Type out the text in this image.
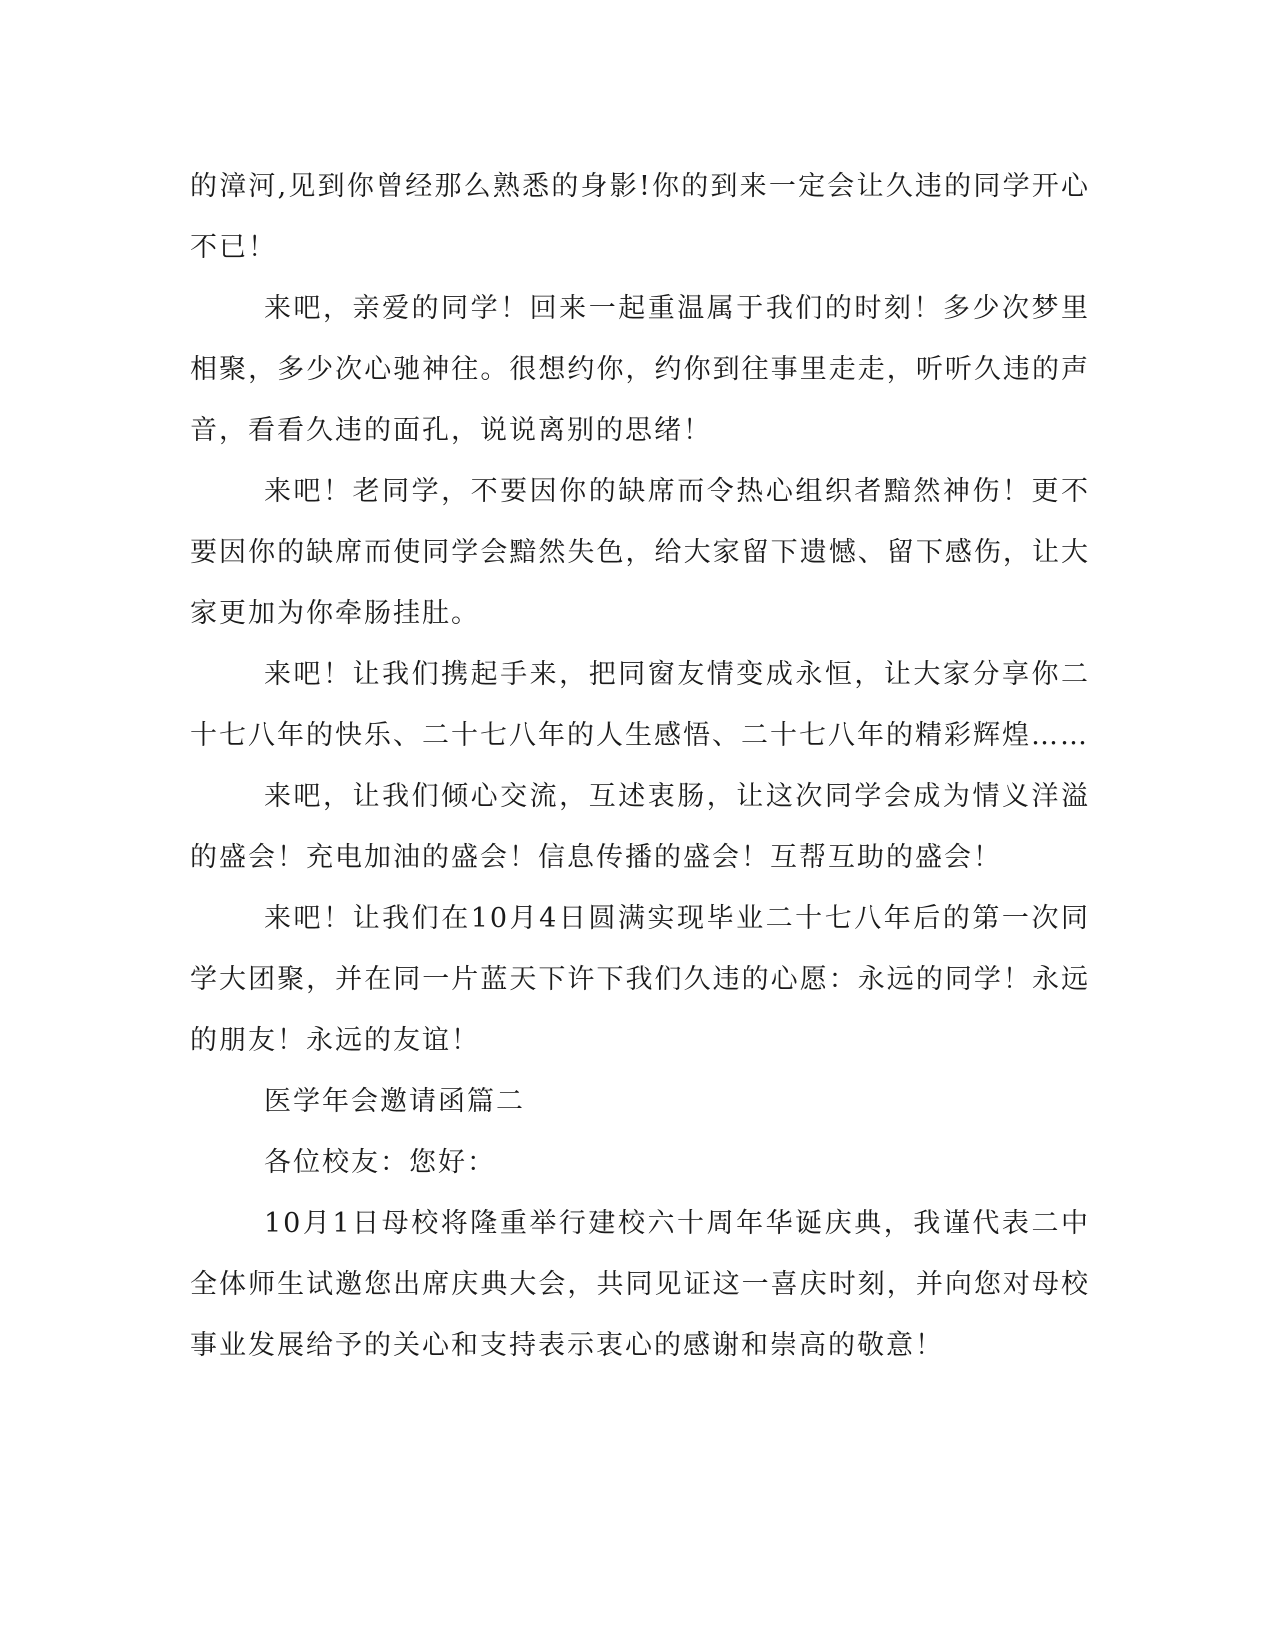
的漳河,见到你曾经那么熟悉的身影!你的到来一定会让久违的同学开心不已！

来吧，亲爱的同学！回来一起重温属于我们的时刻！多少次梦里相聚，多少次心驰神往。很想约你，约你到往事里走走，听听久违的声音，看看久违的面孔，说说离别的思绪！

来吧！老同学，不要因你的缺席而令热心组织者黯然神伤！更不要因你的缺席而使同学会黯然失色，给大家留下遗憾、留下感伤，让大家更加为你牵肠挂肚。

来吧！让我们携起手来，把同窗友情变成永恒，让大家分享你二十七八年的快乐、二十七八年的人生感悟、二十七八年的精彩辉煌……

来吧，让我们倾心交流，互述衷肠，让这次同学会成为情义洋溢的盛会！充电加油的盛会！信息传播的盛会！互帮互助的盛会！

来吧！让我们在10月4日圆满实现毕业二十七八年后的第一次同学大团聚，并在同一片蓝天下许下我们久违的心愿：永远的同学！永远的朋友！永远的友谊！

医学年会邀请函篇二

各位校友：您好：

10月1日母校将隆重举行建校六十周年华诞庆典，我谨代表二中全体师生试邀您出席庆典大会，共同见证这一喜庆时刻，并向您对母校事业发展给予的关心和支持表示衷心的感谢和崇高的敬意！
